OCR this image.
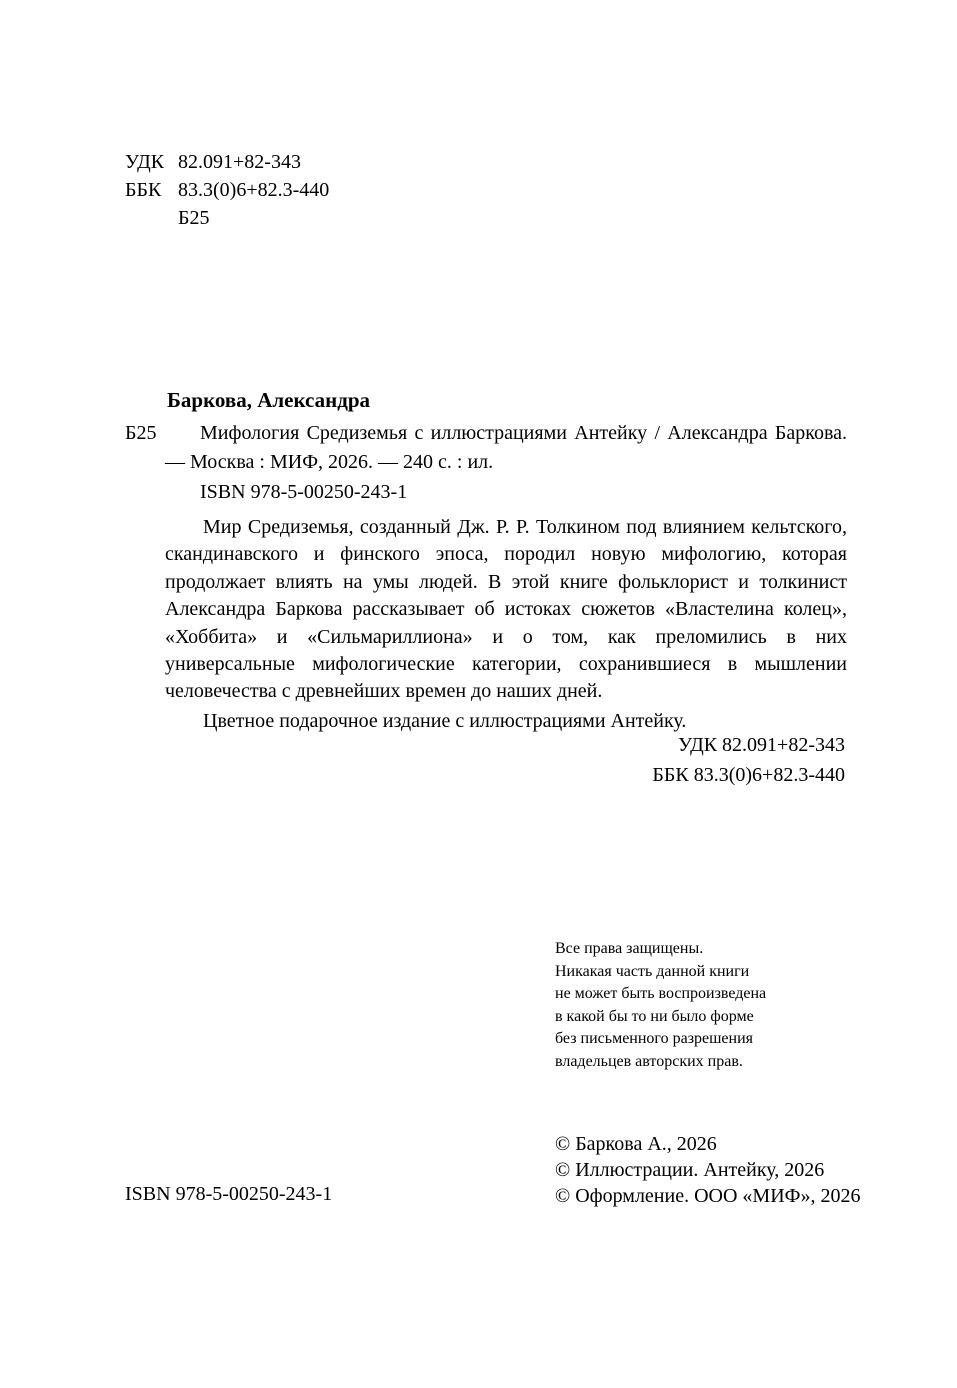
УДК 82.091+82-343
ББК 83.3(0)6+82.3-440
Б25
Баркова, Александра
Б25	Мифология Средиземья с иллюстрациями Антейку / Александра Баркова. — Москва : МИФ, 2026. — 240 с. : ил.

ISBN 978-5-00250-243-1

Мир Средиземья, созданный Дж. Р. Р. Толкином под влиянием кельтского, скандинавского и финского эпоса, породил новую мифологию, которая продолжает влиять на умы людей. В этой книге фольклорист и толкинист Александра Баркова рассказывает об истоках сюжетов «Властелина колец», «Хоббита» и «Сильмариллиона» и о том, как преломились в них универсальные мифологические категории, сохранившиеся в мышлении человечества с древнейших времен до наших дней.

Цветное подарочное издание с иллюстрациями Антейку.

УДК 82.091+82-343
ББК 83.3(0)6+82.3-440
Все права защищены.
Никакая часть данной книги
не может быть воспроизведена
в какой бы то ни было форме
без письменного разрешения
владельцев авторских прав.
© Баркова А., 2026
© Иллюстрации. Антейку, 2026
© Оформление. ООО «МИФ», 2026
ISBN 978-5-00250-243-1
